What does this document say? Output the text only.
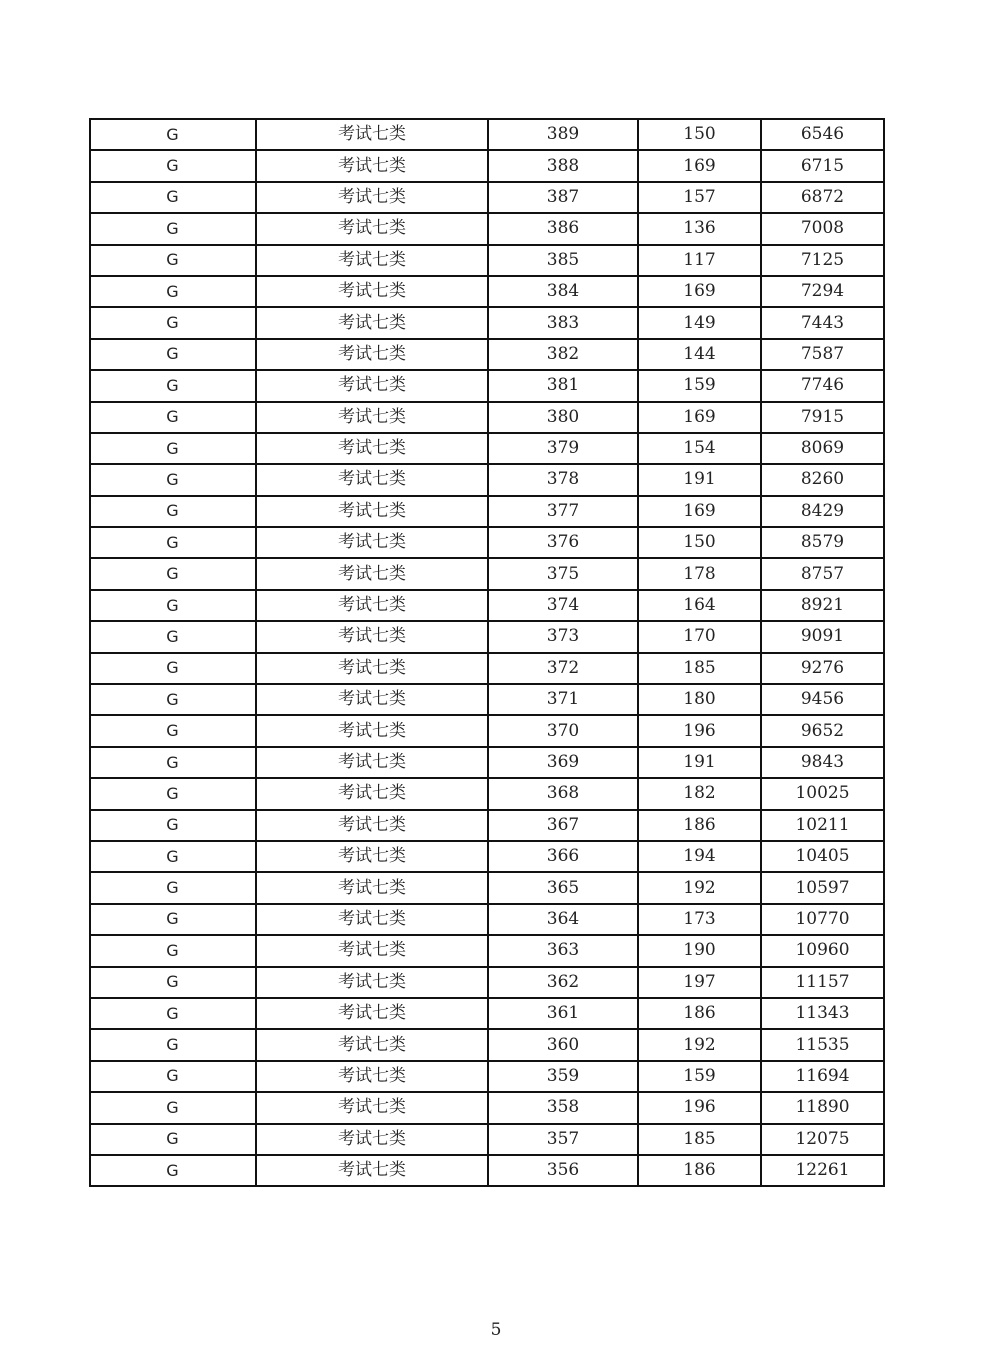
G	考试七类	389	150	6546
G	考试七类	388	169	6715
G	考试七类	387	157	6872
G	考试七类	386	136	7008
G	考试七类	385	117	7125
G	考试七类	384	169	7294
G	考试七类	383	149	7443
G	考试七类	382	144	7587
G	考试七类	381	159	7746
G	考试七类	380	169	7915
G	考试七类	379	154	8069
G	考试七类	378	191	8260
G	考试七类	377	169	8429
G	考试七类	376	150	8579
G	考试七类	375	178	8757
G	考试七类	374	164	8921
G	考试七类	373	170	9091
G	考试七类	372	185	9276
G	考试七类	371	180	9456
G	考试七类	370	196	9652
G	考试七类	369	191	9843
G	考试七类	368	182	10025
G	考试七类	367	186	10211
G	考试七类	366	194	10405
G	考试七类	365	192	10597
G	考试七类	364	173	10770
G	考试七类	363	190	10960
G	考试七类	362	197	11157
G	考试七类	361	186	11343
G	考试七类	360	192	11535
G	考试七类	359	159	11694
G	考试七类	358	196	11890
G	考试七类	357	185	12075
G	考试七类	356	186	12261
5
